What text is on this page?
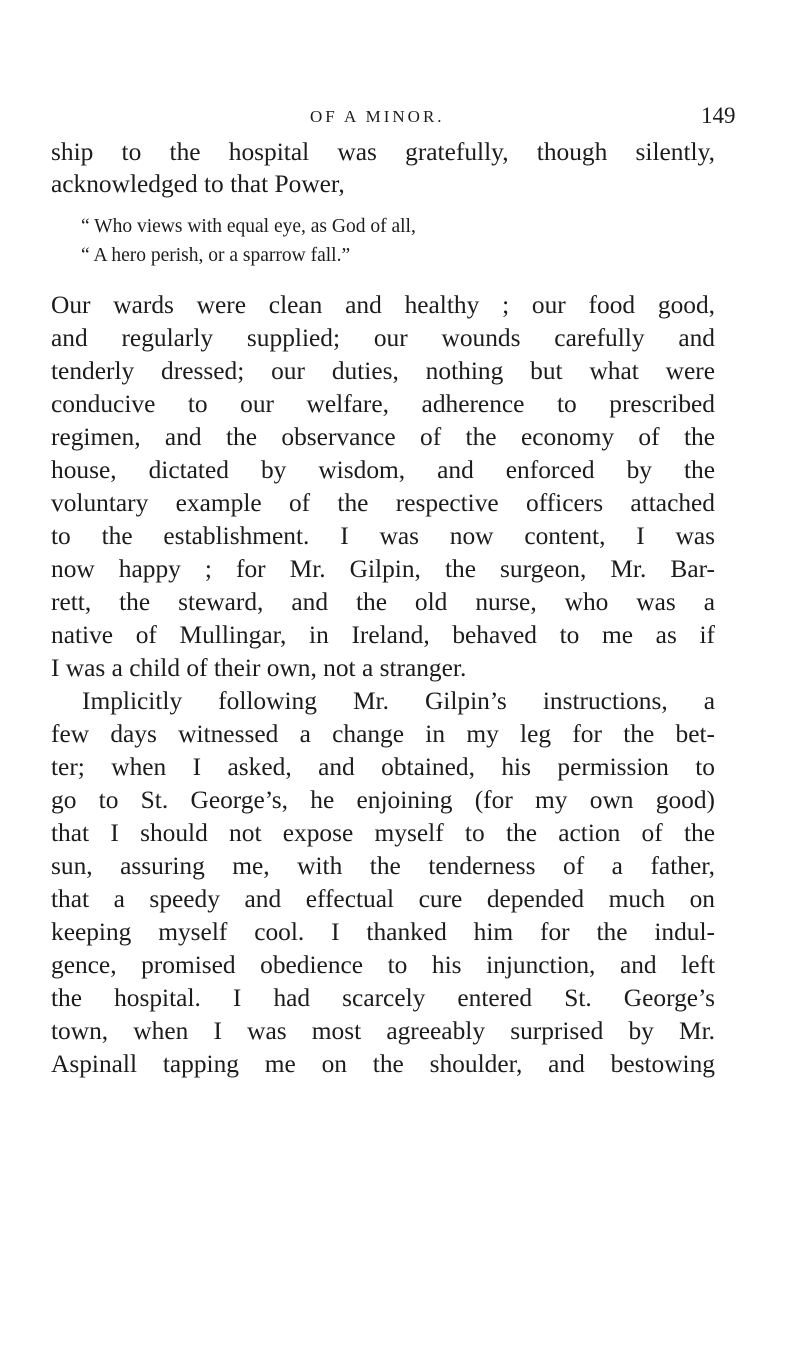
OF A MINOR.	149
ship to the hospital was gratefully, though silently,
acknowledged to that Power,
“ Who views with equal eye, as God of all,
“ A hero perish, or a sparrow fall.”
Our wards were clean and healthy ; our food good,
and regularly supplied; our wounds carefully and
tenderly dressed; our duties, nothing but what were
conducive to our welfare, adherence to prescribed
regimen, and the observance of the economy of the
house, dictated by wisdom, and enforced by the
voluntary example of the respective officers attached
to the establishment. I was now content, I was
now happy ; for Mr. Gilpin, the surgeon, Mr. Bar-
rett, the steward, and the old nurse, who was a
native of Mullingar, in Ireland, behaved to me as if
I was a child of their own, not a stranger.
Implicitly following Mr. Gilpin’s instructions, a
few days witnessed a change in my leg for the bet-
ter; when I asked, and obtained, his permission to
go to St. George’s, he enjoining (for my own good)
that I should not expose myself to the action of the
sun, assuring me, with the tenderness of a father,
that a speedy and effectual cure depended much on
keeping myself cool. I thanked him for the indul-
gence, promised obedience to his injunction, and left
the hospital. I had scarcely entered St. George’s
town, when I was most agreeably surprised by Mr.
Aspinall tapping me on the shoulder, and bestowing
